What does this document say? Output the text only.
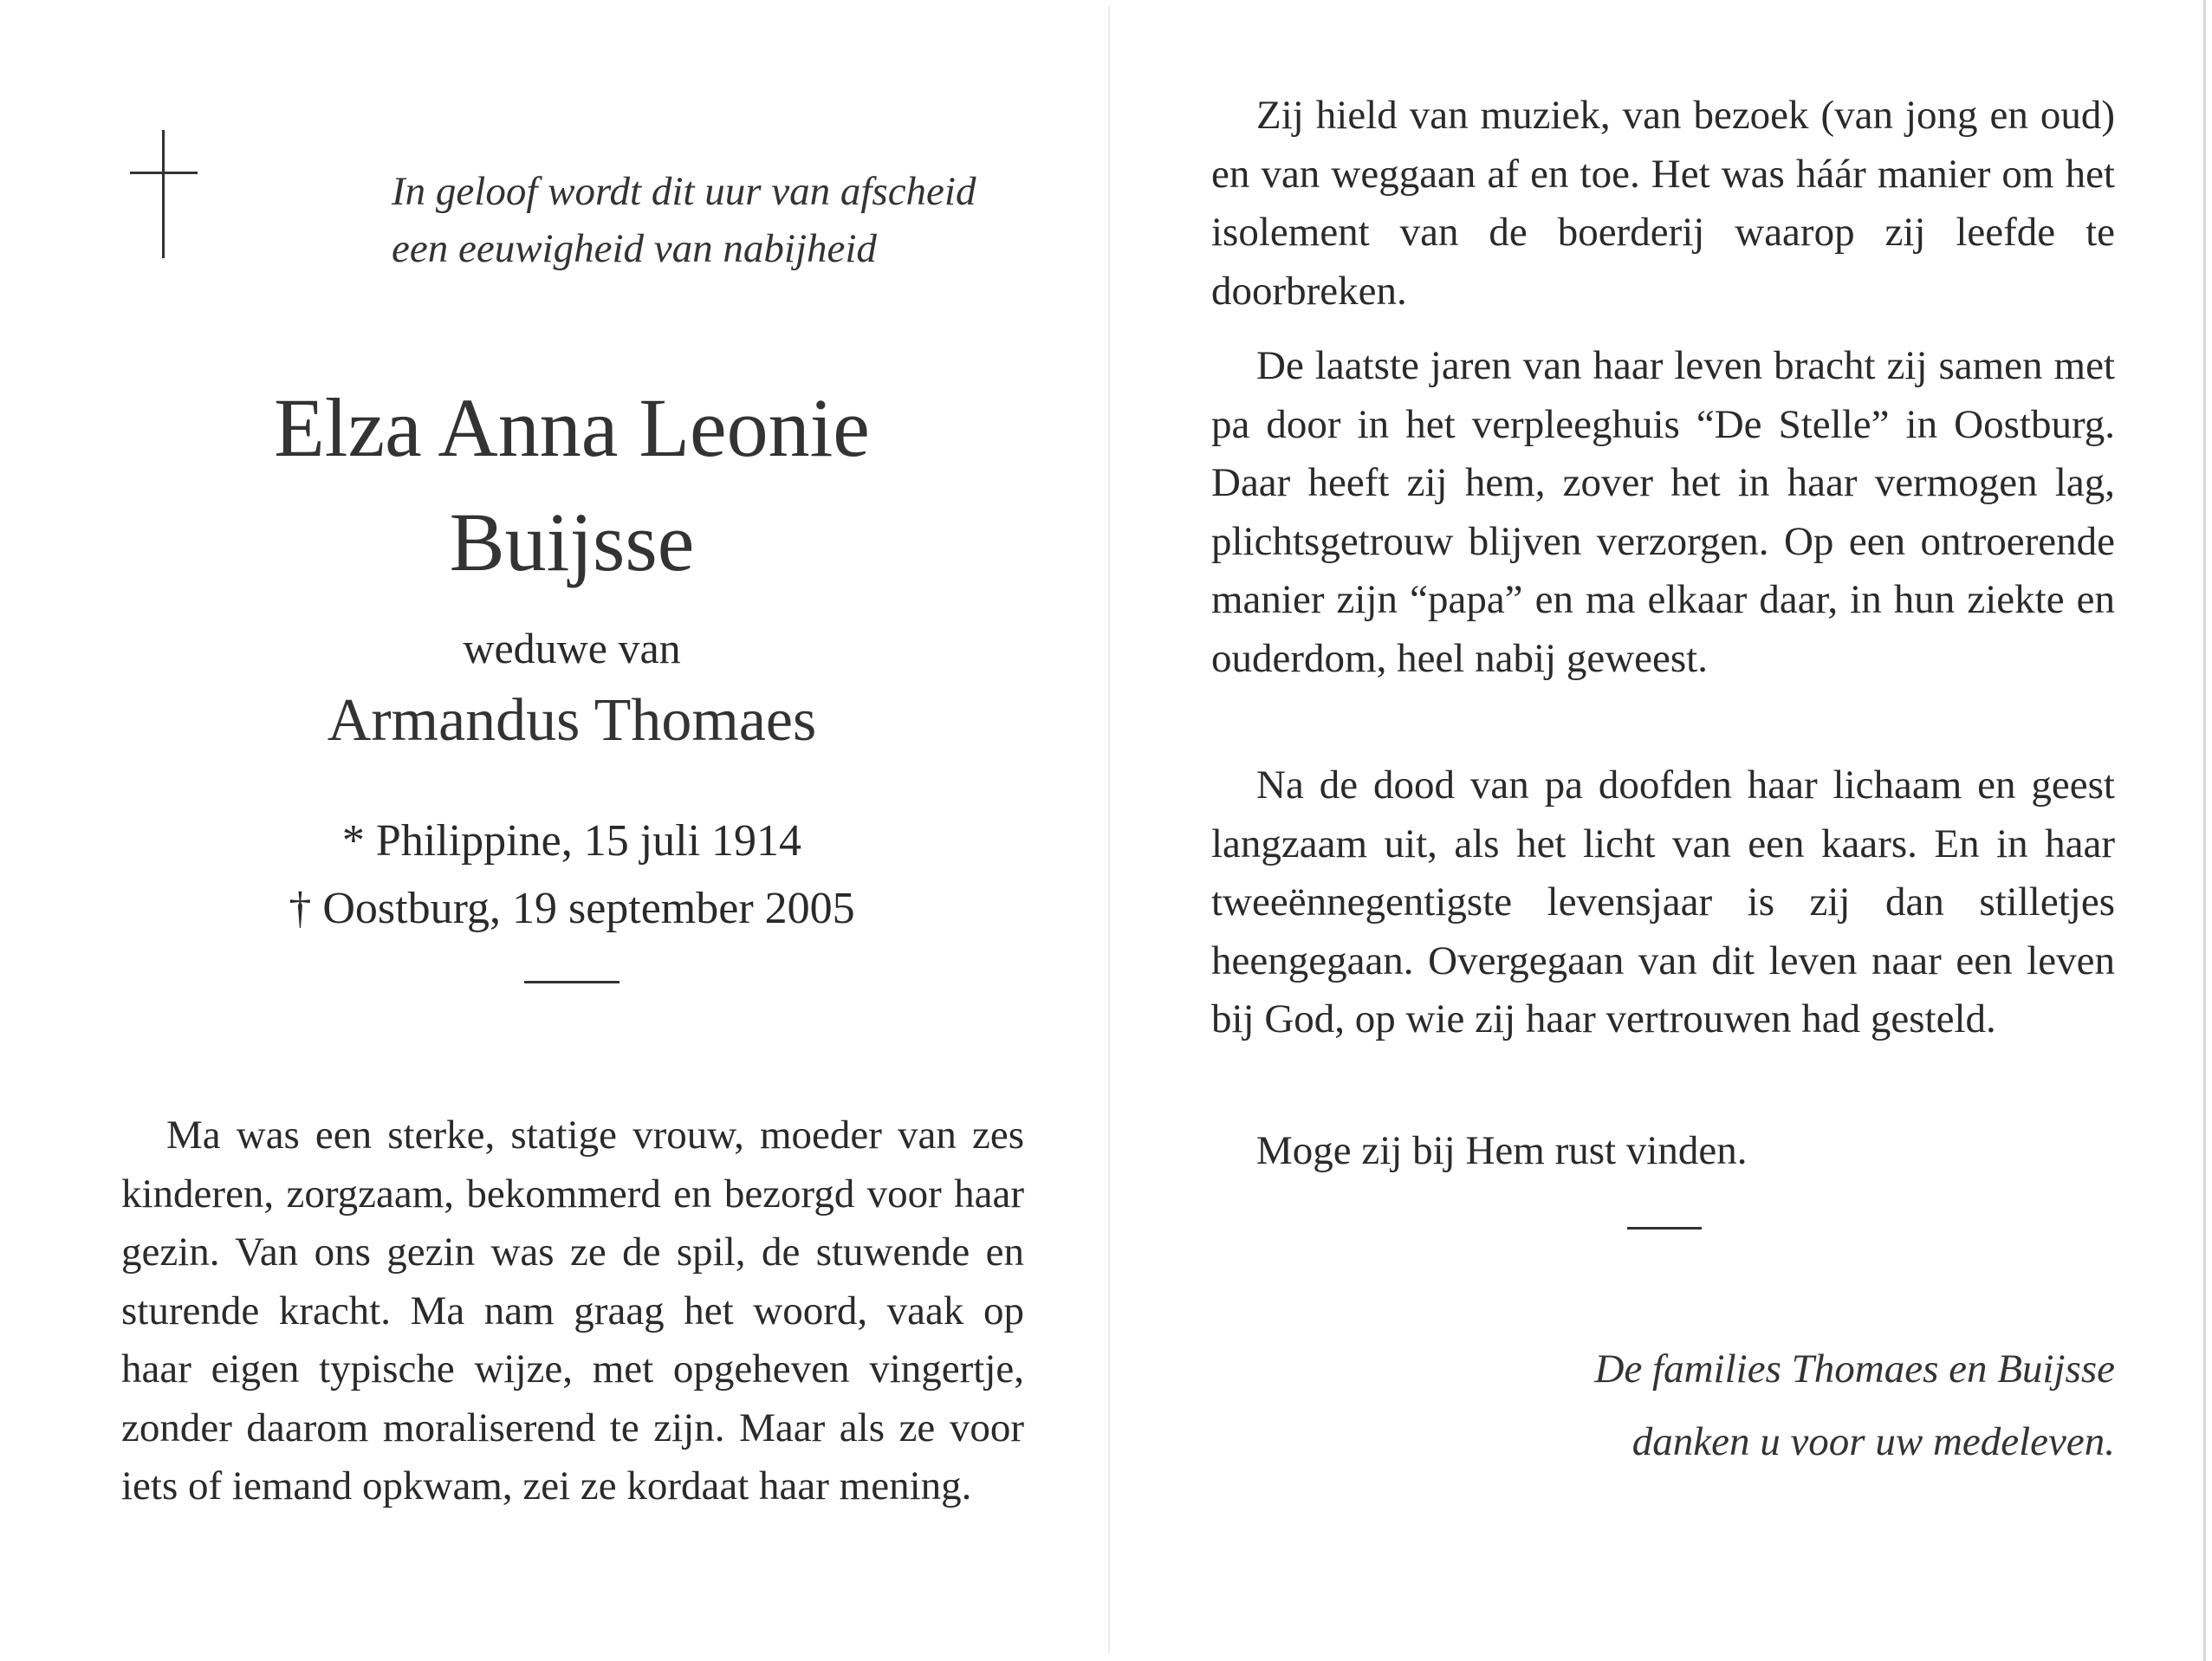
In geloof wordt dit uur van afscheid
een eeuwigheid van nabijheid
Elza Anna Leonie
Buijsse
weduwe van
Armandus Thomaes
* Philippine, 15 juli 1914
† Oostburg, 19 september 2005

Ma was een sterke, statige vrouw, moeder van zes kinderen, zorgzaam, bekommerd en bezorgd voor haar gezin. Van ons gezin was ze de spil, de stuwende en sturende kracht. Ma nam graag het woord, vaak op haar eigen typische wijze, met opgeheven vingertje, zonder daarom moraliserend te zijn. Maar als ze voor iets of iemand opkwam, zei ze kordaat haar mening.

Zij hield van muziek, van bezoek (van jong en oud) en van weggaan af en toe. Het was háár manier om het isolement van de boerderij waarop zij leefde te doorbreken.

De laatste jaren van haar leven bracht zij samen met pa door in het verpleeghuis “De Stelle” in Oostburg. Daar heeft zij hem, zover het in haar vermogen lag, plichtsgetrouw blijven verzorgen. Op een ontroerende manier zijn “papa” en ma elkaar daar, in hun ziekte en ouderdom, heel nabij geweest.

Na de dood van pa doofden haar lichaam en geest langzaam uit, als het licht van een kaars. En in haar tweeënnegentigste levensjaar is zij dan stilletjes heengegaan. Overgegaan van dit leven naar een leven bij God, op wie zij haar vertrouwen had gesteld.

Moge zij bij Hem rust vinden.

De families Thomaes en Buijsse
danken u voor uw medeleven.
